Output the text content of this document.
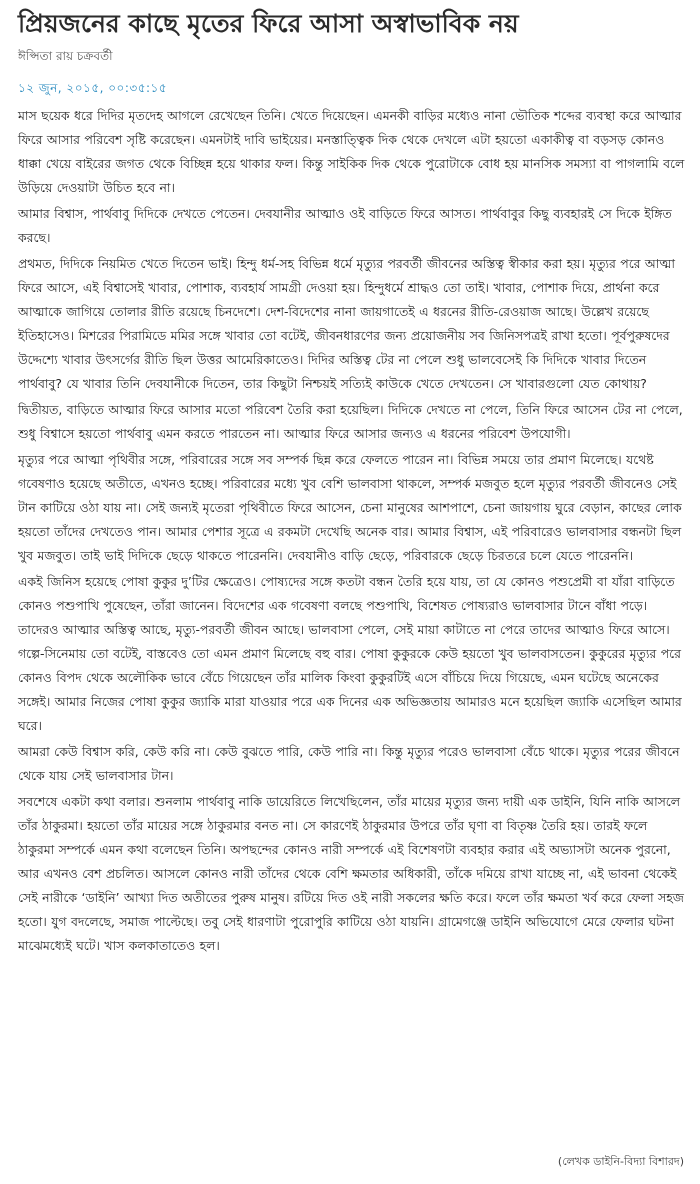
প্রিয়জনের কাছে মৃতের ফিরে আসা অস্বাভাবিক নয়
ঈপ্সিতা রায় চক্রবর্তী
১২ জুন, ২০১৫, ০০:৩৫:১৫

মাস ছয়েক ধরে দিদির মৃতদেহ আগলে রেখেছেন তিনি। খেতে দিয়েছেন। এমনকী বাড়ির মধ্যেও নানা ভৌতিক শব্দের ব্যবস্থা করে আত্মার ফিরে আসার পরিবেশ সৃষ্টি করেছেন। এমনটাই দাবি ভাইয়ের। মনস্তাত্ত্বিক দিক থেকে দেখলে এটা হয়তো একাকীত্ব বা বড়সড় কোনও ধাক্কা খেয়ে বাইরের জগত থেকে বিচ্ছিন্ন হয়ে থাকার ফল। কিন্তু সাইকিক দিক থেকে পুরোটাকে বোধ হয় মানসিক সমস্যা বা পাগলামি বলে উড়িয়ে দেওয়াটা উচিত হবে না।

আমার বিশ্বাস, পার্থবাবু দিদিকে দেখতে পেতেন। দেবযানীর আত্মাও ওই বাড়িতে ফিরে আসত। পার্থবাবুর কিছু ব্যবহারই সে দিকে ইঙ্গিত করছে।

প্রথমত, দিদিকে নিয়মিত খেতে দিতেন ভাই। হিন্দু ধর্ম-সহ বিভিন্ন ধর্মে মৃত্যুর পরবর্তী জীবনের অস্তিত্ব স্বীকার করা হয়। মৃত্যুর পরে আত্মা ফিরে আসে, এই বিশ্বাসেই খাবার, পোশাক, ব্যবহার্য সামগ্রী দেওয়া হয়। হিন্দুধর্মে শ্রাদ্ধও তো তাই। খাবার, পোশাক দিয়ে, প্রার্থনা করে আত্মাকে জাগিয়ে তোলার রীতি রয়েছে চিনদেশে। দেশ-বিদেশের নানা জায়গাতেই এ ধরনের রীতি-রেওয়াজ আছে। উল্লেখ রয়েছে ইতিহাসেও। মিশরের পিরামিডে মমির সঙ্গে খাবার তো বটেই, জীবনধারণের জন্য প্রয়োজনীয় সব জিনিসপত্রই রাখা হতো। পূর্বপুরুষদের উদ্দেশ্যে খাবার উৎসর্গের রীতি ছিল উত্তর আমেরিকাতেও। দিদির অস্তিত্ব টের না পেলে শুধু ভালবেসেই কি দিদিকে খাবার দিতেন পার্থবাবু? যে খাবার তিনি দেবযানীকে দিতেন, তার কিছুটা নিশ্চয়ই সত্যিই কাউকে খেতে দেখতেন। সে খাবারগুলো যেত কোথায়?

দ্বিতীয়ত, বাড়িতে আত্মার ফিরে আসার মতো পরিবেশ তৈরি করা হয়েছিল। দিদিকে দেখতে না পেলে, তিনি ফিরে আসেন টের না পেলে, শুধু বিশ্বাসে হয়তো পার্থবাবু এমন করতে পারতেন না। আত্মার ফিরে আসার জন্যও এ ধরনের পরিবেশ উপযোগী।

মৃত্যুর পরে আত্মা পৃথিবীর সঙ্গে, পরিবারের সঙ্গে সব সম্পর্ক ছিন্ন করে ফেলতে পারেন না। বিভিন্ন সময়ে তার প্রমাণ মিলেছে। যথেষ্ট গবেষণাও হয়েছে অতীতে, এখনও হচ্ছে। পরিবারের মধ্যে খুব বেশি ভালবাসা থাকলে, সম্পর্ক মজবুত হলে মৃত্যুর পরবর্তী জীবনেও সেই টান কাটিয়ে ওঠা যায় না। সেই জন্যই মৃতেরা পৃথিবীতে ফিরে আসেন, চেনা মানুষের আশপাশে, চেনা জায়গায় ঘুরে বেড়ান, কাছের লোক হয়তো তাঁদের দেখতেও পান। আমার পেশার সূত্রে এ রকমটা দেখেছি অনেক বার। আমার বিশ্বাস, এই পরিবারেও ভালবাসার বন্ধনটা ছিল খুব মজবুত। তাই ভাই দিদিকে ছেড়ে থাকতে পারেননি। দেবযানীও বাড়ি ছেড়ে, পরিবারকে ছেড়ে চিরতরে চলে যেতে পারেননি।

একই জিনিস হয়েছে পোষা কুকুর দু’টির ক্ষেত্রেও। পোষ্যদের সঙ্গে কতটা বন্ধন তৈরি হয়ে যায়, তা যে কোনও পশুপ্রেমী বা যাঁরা বাড়িতে কোনও পশুপাখি পুষেছেন, তাঁরা জানেন। বিদেশের এক গবেষণা বলছে পশুপাখি, বিশেষত পোষ্যরাও ভালবাসার টানে বাঁধা পড়ে। তাদেরও আত্মার অস্তিত্ব আছে, মৃত্যু-পরবর্তী জীবন আছে। ভালবাসা পেলে, সেই মায়া কাটাতে না পেরে তাদের আত্মাও ফিরে আসে। গল্পে-সিনেমায় তো বটেই, বাস্তবেও তো এমন প্রমাণ মিলেছে বহু বার। পোষা কুকুরকে কেউ হয়তো খুব ভালবাসতেন। কুকুরের মৃত্যুর পরে কোনও বিপদ থেকে অলৌকিক ভাবে বেঁচে গিয়েছেন তাঁর মালিক কিংবা কুকুরটিই এসে বাঁচিয়ে দিয়ে গিয়েছে, এমন ঘটেছে অনেকের সঙ্গেই। আমার নিজের পোষা কুকুর জ্যাকি মারা যাওয়ার পরে এক দিনের এক অভিজ্ঞতায় আমারও মনে হয়েছিল জ্যাকি এসেছিল আমার ঘরে।

আমরা কেউ বিশ্বাস করি, কেউ করি না। কেউ বুঝতে পারি, কেউ পারি না। কিন্তু মৃত্যুর পরেও ভালবাসা বেঁচে থাকে। মৃত্যুর পরের জীবনে থেকে যায় সেই ভালবাসার টান।

সবশেষে একটা কথা বলার। শুনলাম পার্থবাবু নাকি ডায়েরিতে লিখেছিলেন, তাঁর মায়ের মৃত্যুর জন্য দায়ী এক ডাইনি, যিনি নাকি আসলে তাঁর ঠাকুরমা। হয়তো তাঁর মায়ের সঙ্গে ঠাকুরমার বনত না। সে কারণেই ঠাকুরমার উপরে তাঁর ঘৃণা বা বিতৃষ্ণ তৈরি হয়। তারই ফলে ঠাকুরমা সম্পর্কে এমন কথা বলেছেন তিনি। অপছন্দের কোনও নারী সম্পর্কে এই বিশেষণটা ব্যবহার করার এই অভ্যাসটা অনেক পুরনো, আর এখনও বেশ প্রচলিত। আসলে কোনও নারী তাঁদের থেকে বেশি ক্ষমতার অধিকারী, তাঁকে দমিয়ে রাখা যাচ্ছে না, এই ভাবনা থেকেই সেই নারীকে ‘ডাইনি’ আখ্যা দিত অতীতের পুরুষ মানুষ। রটিয়ে দিত ওই নারী সকলের ক্ষতি করে। ফলে তাঁর ক্ষমতা খর্ব করে ফেলা সহজ হতো। যুগ বদলেছে, সমাজ পাল্টেছে। তবু সেই ধারণাটা পুরোপুরি কাটিয়ে ওঠা যায়নি। গ্রামেগঞ্জে ডাইনি অভিযোগে মেরে ফেলার ঘটনা মাঝেমধ্যেই ঘটে। খাস কলকাতাতেও হল।

(লেখক ডাইনি-বিদ্যা বিশারদ)
